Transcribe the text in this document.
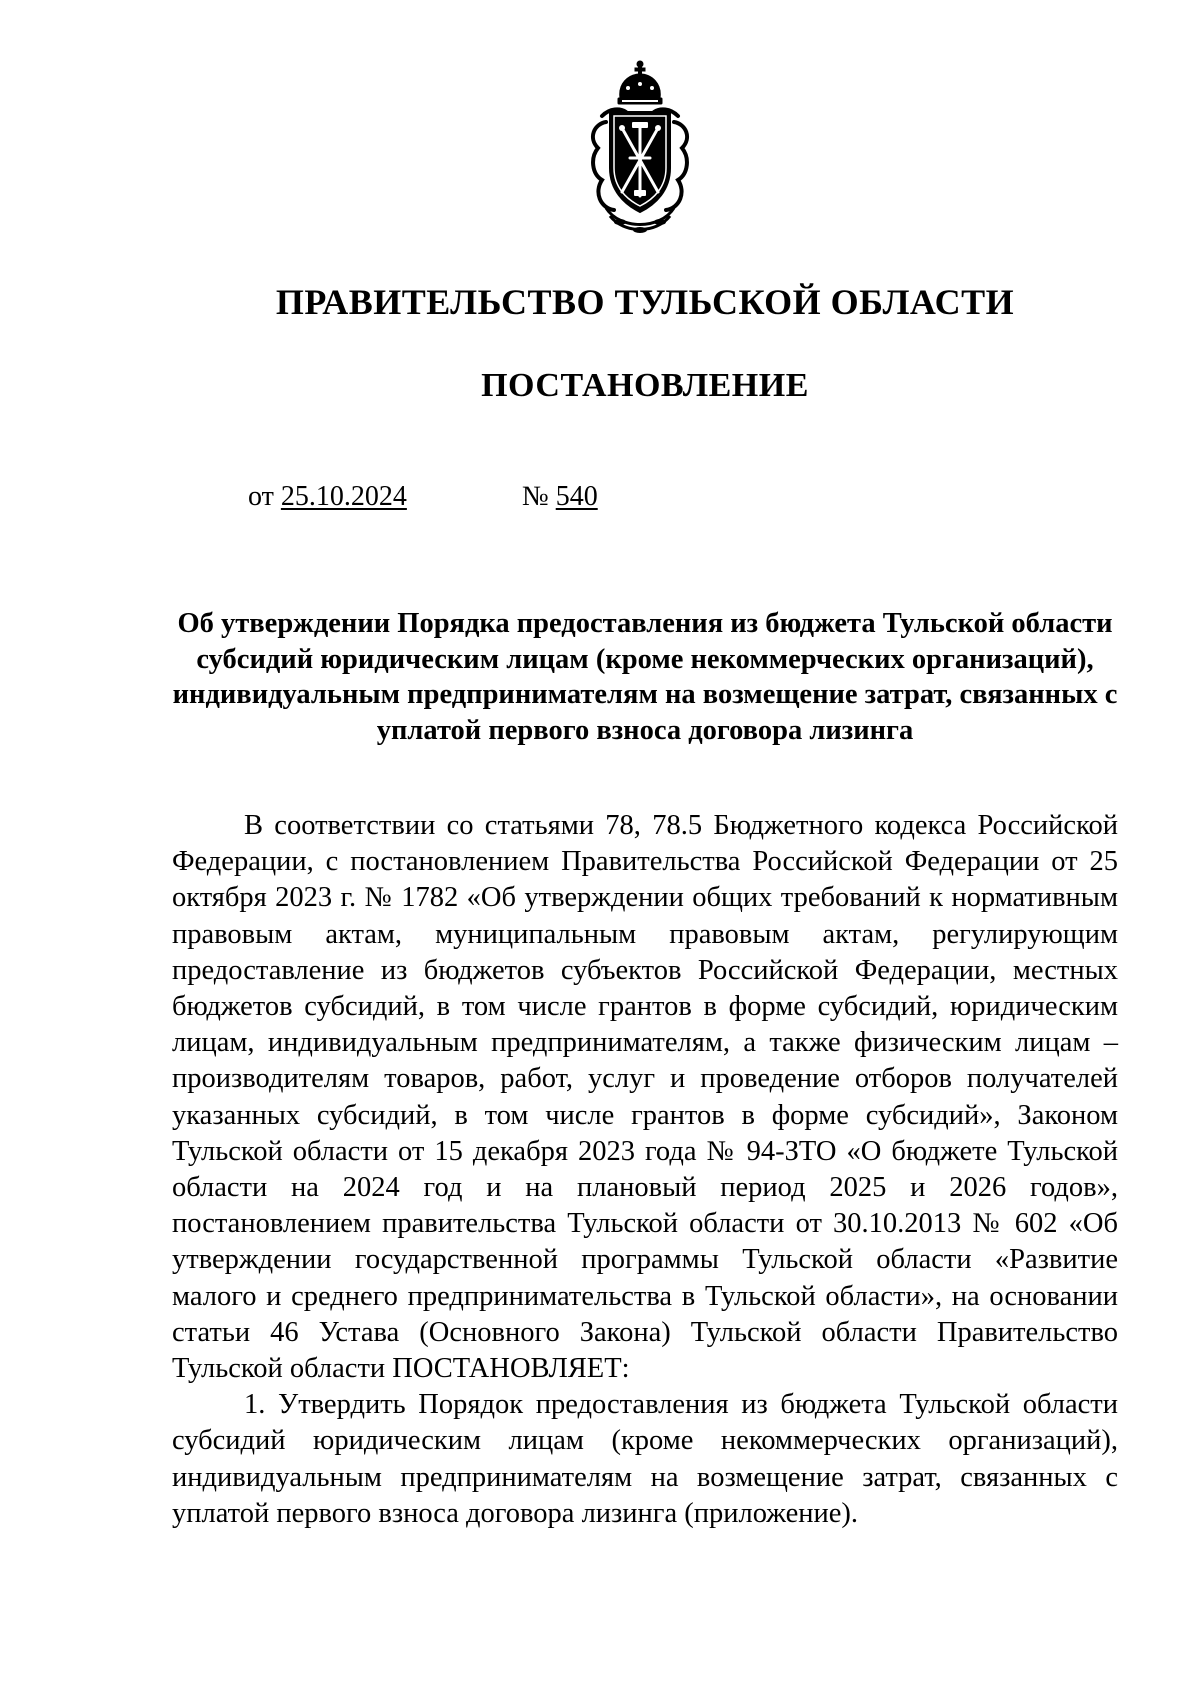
ПРАВИТЕЛЬСТВО ТУЛЬСКОЙ ОБЛАСТИ
ПОСТАНОВЛЕНИЕ
от 25.10.2024	№ 540
Об утверждении Порядка предоставления из бюджета Тульской области субсидий юридическим лицам (кроме некоммерческих организаций), индивидуальным предпринимателям на возмещение затрат, связанных с уплатой первого взноса договора лизинга

В соответствии со статьями 78, 78.5 Бюджетного кодекса Российской Федерации, с постановлением Правительства Российской Федерации от 25 октября 2023 г. № 1782 «Об утверждении общих требований к нормативным правовым актам, муниципальным правовым актам, регулирующим предоставление из бюджетов субъектов Российской Федерации, местных бюджетов субсидий, в том числе грантов в форме субсидий, юридическим лицам, индивидуальным предпринимателям, а также физическим лицам – производителям товаров, работ, услуг и проведение отборов получателей указанных субсидий, в том числе грантов в форме субсидий», Законом Тульской области от 15 декабря 2023 года № 94-ЗТО «О бюджете Тульской области на 2024 год и на плановый период 2025 и 2026 годов», постановлением правительства Тульской области от 30.10.2013 № 602 «Об утверждении государственной программы Тульской области «Развитие малого и среднего предпринимательства в Тульской области», на основании статьи 46 Устава (Основного Закона) Тульской области Правительство Тульской области ПОСТАНОВЛЯЕТ:

1. Утвердить Порядок предоставления из бюджета Тульской области субсидий юридическим лицам (кроме некоммерческих организаций), индивидуальным предпринимателям на возмещение затрат, связанных с уплатой первого взноса договора лизинга (приложение).
